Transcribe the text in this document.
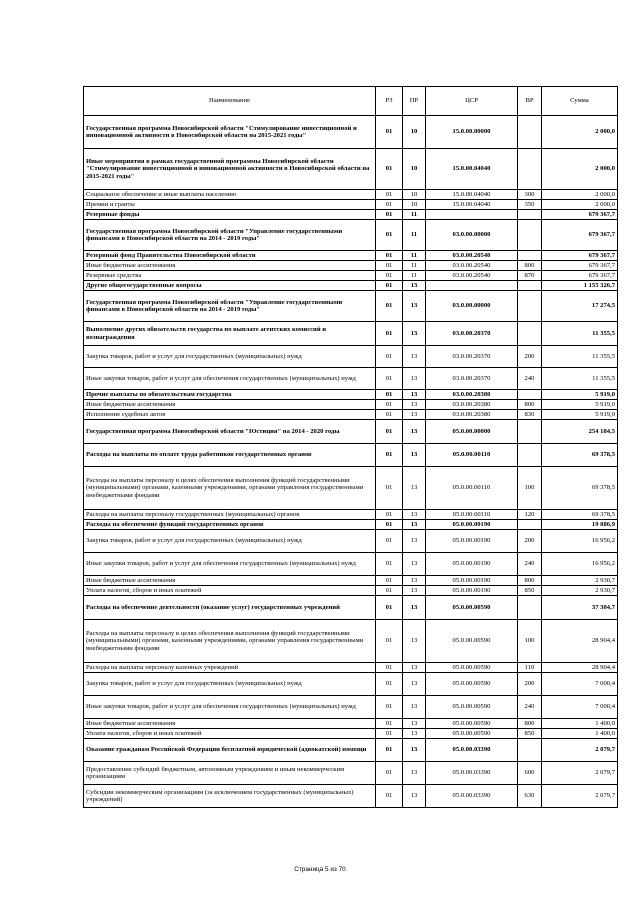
Наименование	РЗ	ПР	ЦСР	ВР	Сумма
Государственная программа Новосибирской области "Стимулирование инвестиционной и инновационной активности в Новосибирской области на 2015-2021 годы"	01	10	15.0.00.00000		2 000,0
Иные мероприятия в рамках государственной программы Новосибирской области "Стимулирование инвестиционной и инновационной активности в Новосибирской области на 2015-2021 годы"	01	10	15.0.00.04040		2 000,0
Социальное обеспечение и иные выплаты населению	01	10	15.0.00.04040	300	2 000,0
Премии и гранты	01	10	15.0.00.04040	350	2 000,0
Резервные фонды	01	11			679 367,7
Государственная программа Новосибирской области "Управление государственными финансами в Новосибирской области на 2014 - 2019 годы"	01	11	03.0.00.00000		679 367,7
Резервный фонд Правительства Новосибирской области	01	11	03.0.00.20540		679 367,7
Иные бюджетные ассигнования	01	11	03.0.00.20540	800	679 367,7
Резервные средства	01	11	03.0.00.20540	870	679 367,7
Другие общегосударственные вопросы	01	13			1 155 326,7
Государственная программа Новосибирской области "Управление государственными финансами в Новосибирской области на 2014 - 2019 годы"	01	13	03.0.00.00000		17 274,5
Выполнение других обязательств государства по выплате агентских комиссий и вознаграждения	01	13	03.0.00.20370		11 355,5
Закупка товаров, работ и услуг для государственных (муниципальных) нужд	01	13	03.0.00.20370	200	11 355,5
Иные закупки товаров, работ и услуг для обеспечения государственных (муниципальных) нужд	01	13	03.0.00.20370	240	11 355,5
Прочие выплаты по обязательствам государства	01	13	03.0.00.20380		5 919,0
Иные бюджетные ассигнования	01	13	03.0.00.20380	800	5 919,0
Исполнение судебных актов	01	13	03.0.00.20380	830	5 919,0
Государственная программа Новосибирской области "Юстиция" на 2014 - 2020 годы	01	13	05.0.00.00000		254 184,5
Расходы на выплаты по оплате труда работников государственных органов	01	13	05.0.00.00110		69 378,5
Расходы на выплаты персоналу в целях обеспечения выполнения функций государственными (муниципальными) органами, казенными учреждениями, органами управления государственными внебюджетными фондами	01	13	05.0.00.00110	100	69 378,5
Расходы на выплаты персоналу государственных (муниципальных) органов	01	13	05.0.00.00110	120	69 378,5
Расходы на обеспечение функций государственных органов	01	13	05.0.00.00190		19 886,9
Закупка товаров, работ и услуг для государственных (муниципальных) нужд	01	13	05.0.00.00190	200	16 956,2
Иные закупки товаров, работ и услуг для обеспечения государственных (муниципальных) нужд	01	13	05.0.00.00190	240	16 956,2
Иные бюджетные ассигнования	01	13	05.0.00.00190	800	2 930,7
Уплата налогов, сборов и иных платежей	01	13	05.0.00.00190	850	2 930,7
Расходы на обеспечение деятельности (оказание услуг) государственных учреждений	01	13	05.0.00.00590		37 304,7
Расходы на выплаты персоналу в целях обеспечения выполнения функций государственными (муниципальными) органами, казенными учреждениями, органами управления государственными внебюджетными фондами	01	13	05.0.00.00590	100	28 904,4
Расходы на выплаты персоналу казенных учреждений	01	13	05.0.00.00590	110	28 904,4
Закупка товаров, работ и услуг для государственных (муниципальных) нужд	01	13	05.0.00.00590	200	7 000,4
Иные закупки товаров, работ и услуг для обеспечения государственных (муниципальных) нужд	01	13	05.0.00.00590	240	7 000,4
Иные бюджетные ассигнования	01	13	05.0.00.00590	800	1 400,0
Уплата налогов, сборов и иных платежей	01	13	05.0.00.00590	850	1 400,0
Оказание гражданам Российской Федерации бесплатной юридической (адвокатской) помощи	01	13	05.0.00.03390		2 079,7
Предоставление субсидий бюджетным, автономным учреждениям и иным некоммерческим организациям	01	13	05.0.00.03390	600	2 079,7
Субсидии некоммерческим организациям (за исключением государственных (муниципальных) учреждений)	01	13	05.0.00.03390	630	2 079,7
Страница 5 из 70
